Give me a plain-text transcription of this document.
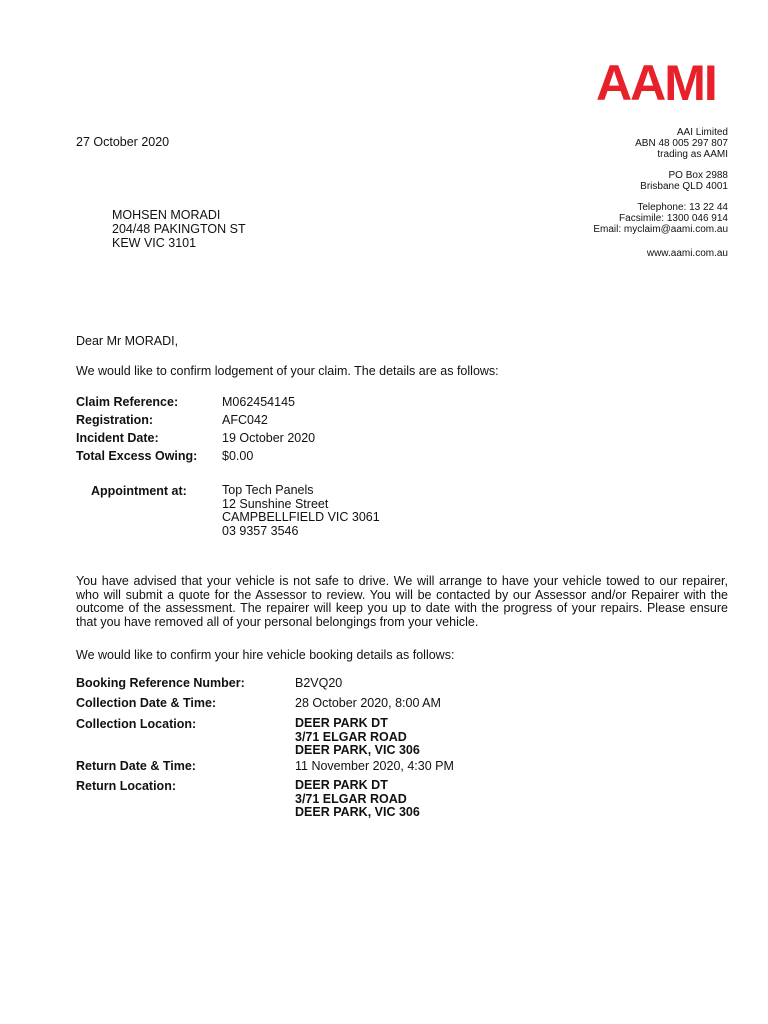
AAMI
AAI Limited
ABN 48 005 297 807
trading as AAMI
PO Box 2988
Brisbane QLD 4001
Telephone: 13 22 44
Facsimile: 1300 046 914
Email: myclaim@aami.com.au
www.aami.com.au
27 October 2020
MOHSEN MORADI
204/48 PAKINGTON ST
KEW VIC 3101
Dear Mr MORADI,
We would like to confirm lodgement of your claim. The details are as follows:
Claim Reference:	M062454145
Registration:	AFC042
Incident Date:	19 October 2020
Total Excess Owing:	$0.00
Appointment at:	Top Tech Panels
12 Sunshine Street
CAMPBELLFIELD VIC 3061
03 9357 3546
You have advised that your vehicle is not safe to drive. We will arrange to have your vehicle towed to our repairer, who will submit a quote for the Assessor to review. You will be contacted by our Assessor and/or Repairer with the outcome of the assessment. The repairer will keep you up to date with the progress of your repairs. Please ensure that you have removed all of your personal belongings from your vehicle.
We would like to confirm your hire vehicle booking details as follows:
Booking Reference Number:	B2VQ20
Collection Date & Time:	28 October 2020, 8:00 AM
Collection Location:	DEER PARK DT
3/71 ELGAR ROAD
DEER PARK, VIC 306
Return Date & Time:	11 November 2020, 4:30 PM
Return Location:	DEER PARK DT
3/71 ELGAR ROAD
DEER PARK, VIC 306
